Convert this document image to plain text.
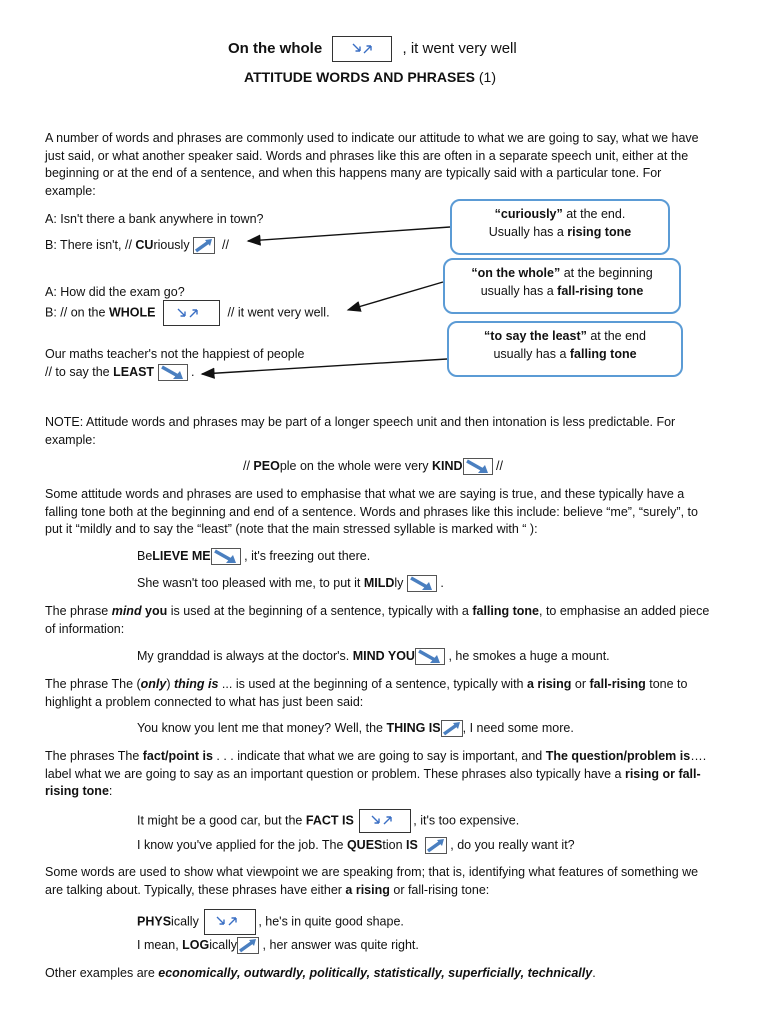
On the whole	, it went very well
ATTITUDE WORDS AND PHRASES (1)

A number of words and phrases are commonly used to indicate our attitude to what we are going to say, what we have just said, or what another speaker said. Words and phrases like this are often in a separate speech unit, either at the beginning or at the end of a sentence, and when this happens many are typically said with a particular tone. For example:

A: Isn't there a bank anywhere in town?
B: There isn't, // CUriously	//
A: How did the exam go?
B: // on the WHOLE	// it went very well.
Our maths teacher's not the happiest of people
// to say the LEAST	.
“curiously” at the end.
Usually has a rising tone
“on the whole” at the beginning
usually has a fall-rising tone
“to say the least” at the end
usually has a falling tone

NOTE: Attitude words and phrases may be part of a longer speech unit and then intonation is less predictable. For example:

// PEOple on the whole were very KIND	//

Some attitude words and phrases are used to emphasise that what we are saying is true, and these typically have a falling tone both at the beginning and end of a sentence. Words and phrases like this include: believe “me”, “surely”, to put it “mildly and to say the “least” (note that the main stressed syllable is marked with “ ):

BeLIEVE ME	, it's freezing out there.
She wasn't too pleased with me, to put it MILDly	.

The phrase mind you is used at the beginning of a sentence, typically with a falling tone, to emphasise an added piece of information:

My granddad is always at the doctor's. MIND YOU	, he smokes a huge a mount.

The phrase The (only) thing is ... is used at the beginning of a sentence, typically with a rising or fall-rising tone to highlight a problem connected to what has just been said:

You know you lent me that money? Well, the THING IS , I need some more.

The phrases The fact/point is . . . indicate that what we are going to say is important, and The question/problem is…. label what we are going to say as an important question or problem. These phrases also typically have a rising or fall-rising tone:

It might be a good car, but the FACT IS	, it's too expensive.
I know you've applied for the job. The QUEStion IS	, do you really want it?

Some words are used to show what viewpoint we are speaking from; that is, identifying what features of something we are talking about. Typically, these phrases have either a rising or fall-rising tone:

PHYSically	, he's in quite good shape.
I mean, LOGically , her answer was quite right.
Other examples are economically, outwardly, politically, statistically, superficially, technically.
